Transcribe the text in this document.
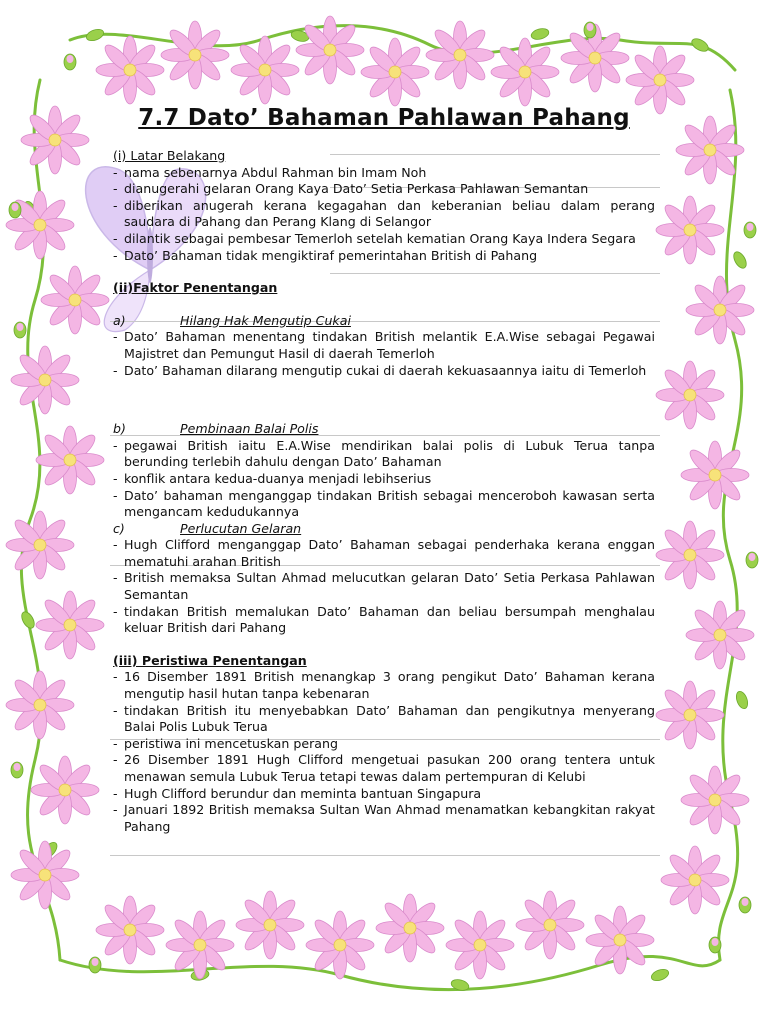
7.7 Dato’ Bahaman Pahlawan Pahang
(i) Latar Belakang
- nama sebenarnya Abdul Rahman bin Imam Noh
- dianugerahi gelaran Orang Kaya Dato’ Setia Perkasa Pahlawan Semantan
- diberikan anugerah kerana kegagahan dan keberanian beliau dalam perang saudara di Pahang dan Perang Klang di Selangor
- dilantik sebagai pembesar Temerloh setelah kematian Orang Kaya Indera Segara
- Dato’ Bahaman tidak mengiktiraf pemerintahan British di Pahang
(ii)Faktor Penentangan
a)	Hilang Hak Mengutip Cukai
- Dato’ Bahaman menentang tindakan British melantik E.A.Wise sebagai Pegawai Majistret dan Pemungut Hasil di daerah Temerloh
- Dato’ Bahaman dilarang mengutip cukai di daerah kekuasaannya iaitu di Temerloh
b)	Pembinaan Balai Polis
- pegawai British iaitu E.A.Wise mendirikan balai polis di Lubuk Terua tanpa berunding terlebih dahulu dengan Dato’ Bahaman
- konflik antara kedua-duanya menjadi lebihserius
- Dato’ bahaman menganggap tindakan British sebagai menceroboh kawasan serta mengancam kedudukannya
c)	Perlucutan Gelaran
- Hugh Clifford menganggap Dato’ Bahaman sebagai penderhaka kerana enggan mematuhi arahan British
- British memaksa Sultan Ahmad melucutkan gelaran Dato’ Setia Perkasa Pahlawan Semantan
- tindakan British memalukan Dato’ Bahaman dan beliau bersumpah menghalau keluar British dari Pahang
(iii) Peristiwa Penentangan
- 16 Disember 1891 British menangkap 3 orang pengikut Dato’ Bahaman kerana mengutip hasil hutan tanpa kebenaran
- tindakan British itu menyebabkan Dato’ Bahaman dan pengikutnya menyerang Balai Polis Lubuk Terua
- peristiwa ini mencetuskan perang
- 26 Disember 1891 Hugh Clifford mengetuai pasukan 200 orang tentera untuk menawan semula Lubuk Terua tetapi tewas dalam pertempuran di Kelubi
- Hugh Clifford berundur dan meminta bantuan Singapura
- Januari 1892 British memaksa Sultan Wan Ahmad menamatkan kebangkitan rakyat Pahang
